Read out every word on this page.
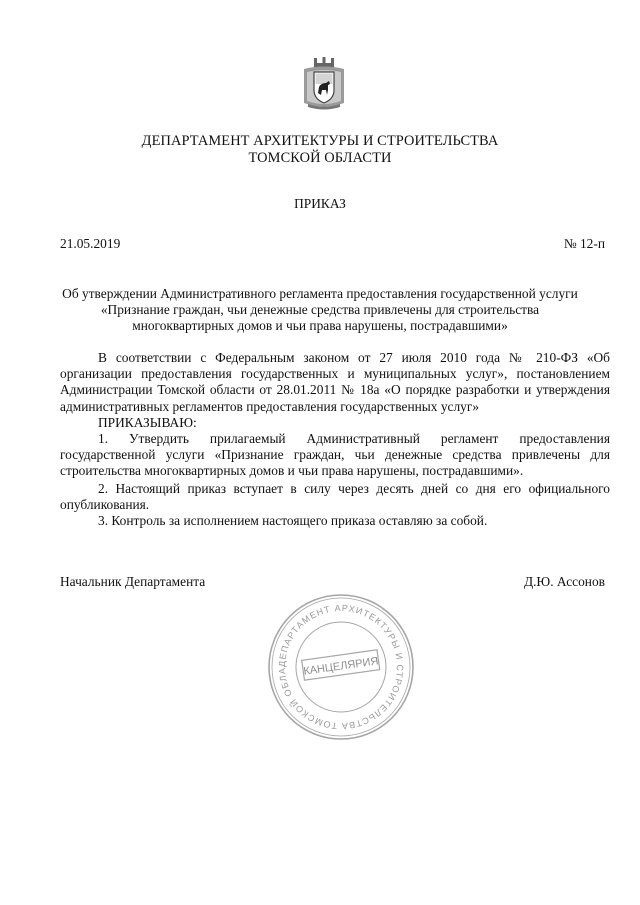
ДЕПАРТАМЕНТ АРХИТЕКТУРЫ И СТРОИТЕЛЬСТВА
ТОМСКОЙ ОБЛАСТИ
ПРИКАЗ
21.05.2019	№ 12-п
Об утверждении Административного регламента предоставления государственной услуги
«Признание граждан, чьи денежные средства привлечены для строительства
многоквартирных домов и чьи права нарушены, пострадавшими»
В соответствии с Федеральным законом от 27 июля 2010 года № 210-ФЗ «Об организации предоставления государственных и муниципальных услуг», постановлением Администрации Томской области от 28.01.2011 № 18а «О порядке разработки и утверждения административных регламентов предоставления государственных услуг»
ПРИКАЗЫВАЮ:
1. Утвердить прилагаемый Административный регламент предоставления государственной услуги «Признание граждан, чьи денежные средства привлечены для строительства многоквартирных домов и чьи права нарушены, пострадавшими».
2. Настоящий приказ вступает в силу через десять дней со дня его официального опубликования.
3. Контроль за исполнением настоящего приказа оставляю за собой.
Начальник Департамента	Д.Ю. Ассонов
ДЕПАРТАМЕНТ АРХИТЕКТУРЫ И СТРОИТЕЛЬСТВА ТОМСКОЙ ОБЛА	КАНЦЕЛЯРИЯ
